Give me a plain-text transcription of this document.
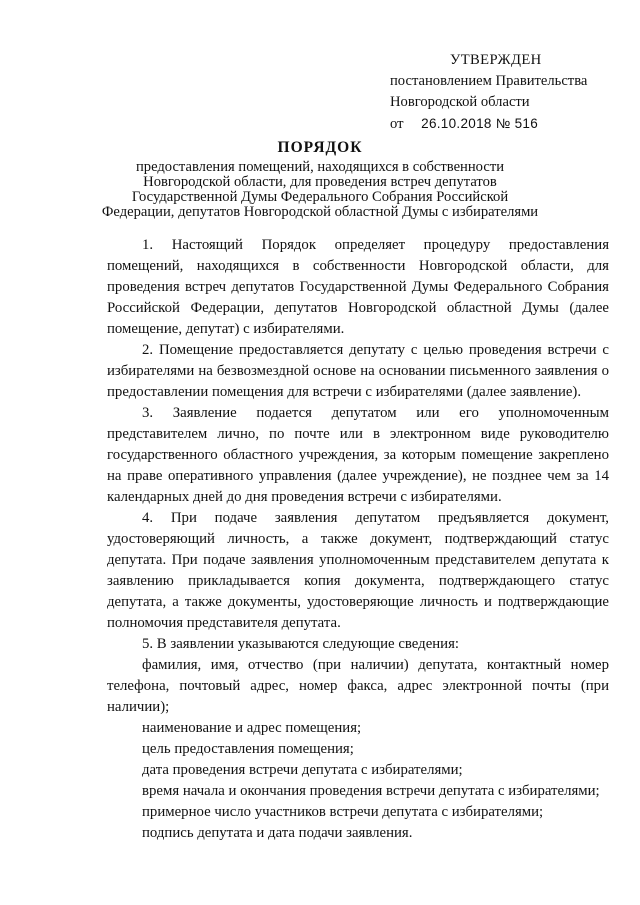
УТВЕРЖДЕН
постановлением Правительства
Новгородской области
от 26.10.2018 № 516
ПОРЯДОК
предоставления помещений, находящихся в собственности Новгородской области, для проведения встреч депутатов Государственной Думы Федерального Собрания Российской Федерации, депутатов Новгородской областной Думы с избирателями

1. Настоящий Порядок определяет процедуру предоставления помещений, находящихся в собственности Новгородской области, для проведения встреч депутатов Государственной Думы Федерального Собрания Российской Федерации, депутатов Новгородской областной Думы (далее помещение, депутат) с избирателями.

2. Помещение предоставляется депутату с целью проведения встречи с избирателями на безвозмездной основе на основании письменного заявления о предоставлении помещения для встречи с избирателями (далее заявление).

3. Заявление подается депутатом или его уполномоченным представителем лично, по почте или в электронном виде руководителю государственного областного учреждения, за которым помещение закреплено на праве оперативного управления (далее учреждение), не позднее чем за 14 календарных дней до дня проведения встречи с избирателями.

4. При подаче заявления депутатом предъявляется документ, удостоверяющий личность, а также документ, подтверждающий статус депутата. При подаче заявления уполномоченным представителем депутата к заявлению прикладывается копия документа, подтверждающего статус депутата, а также документы, удостоверяющие личность и подтверждающие полномочия представителя депутата.

5. В заявлении указываются следующие сведения:

фамилия, имя, отчество (при наличии) депутата, контактный номер телефона, почтовый адрес, номер факса, адрес электронной почты (при наличии);

наименование и адрес помещения;

цель предоставления помещения;

дата проведения встречи депутата с избирателями;

время начала и окончания проведения встречи депутата с избирателями;

примерное число участников встречи депутата с избирателями;

подпись депутата и дата подачи заявления.
